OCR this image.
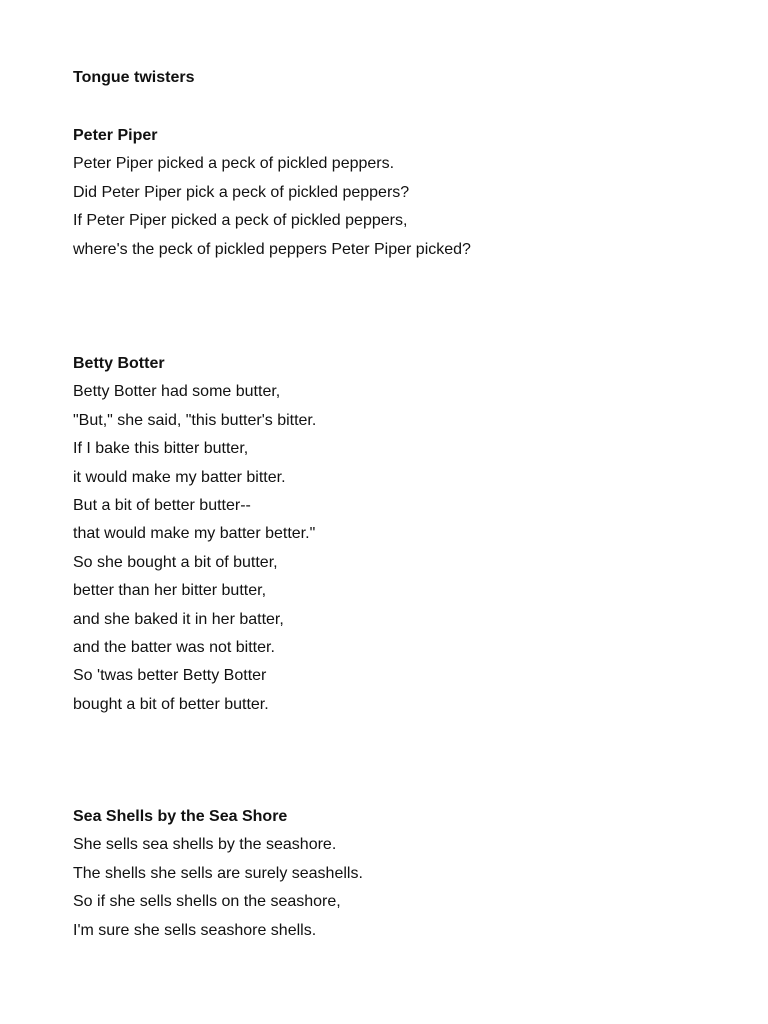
Tongue twisters
Peter Piper

Peter Piper picked a peck of pickled peppers.

Did Peter Piper pick a peck of pickled peppers?

If Peter Piper picked a peck of pickled peppers,

where's the peck of pickled peppers Peter Piper picked?

Betty Botter

Betty Botter had some butter,

"But," she said, "this butter's bitter.

If I bake this bitter butter,

it would make my batter bitter.

But a bit of better butter--

that would make my batter better."

So she bought a bit of butter,

better than her bitter butter,

and she baked it in her batter,

and the batter was not bitter.

So 'twas better Betty Botter

bought a bit of better butter.

Sea Shells by the Sea Shore

She sells sea shells by the seashore.

The shells she sells are surely seashells.

So if she sells shells on the seashore,

I'm sure she sells seashore shells.
